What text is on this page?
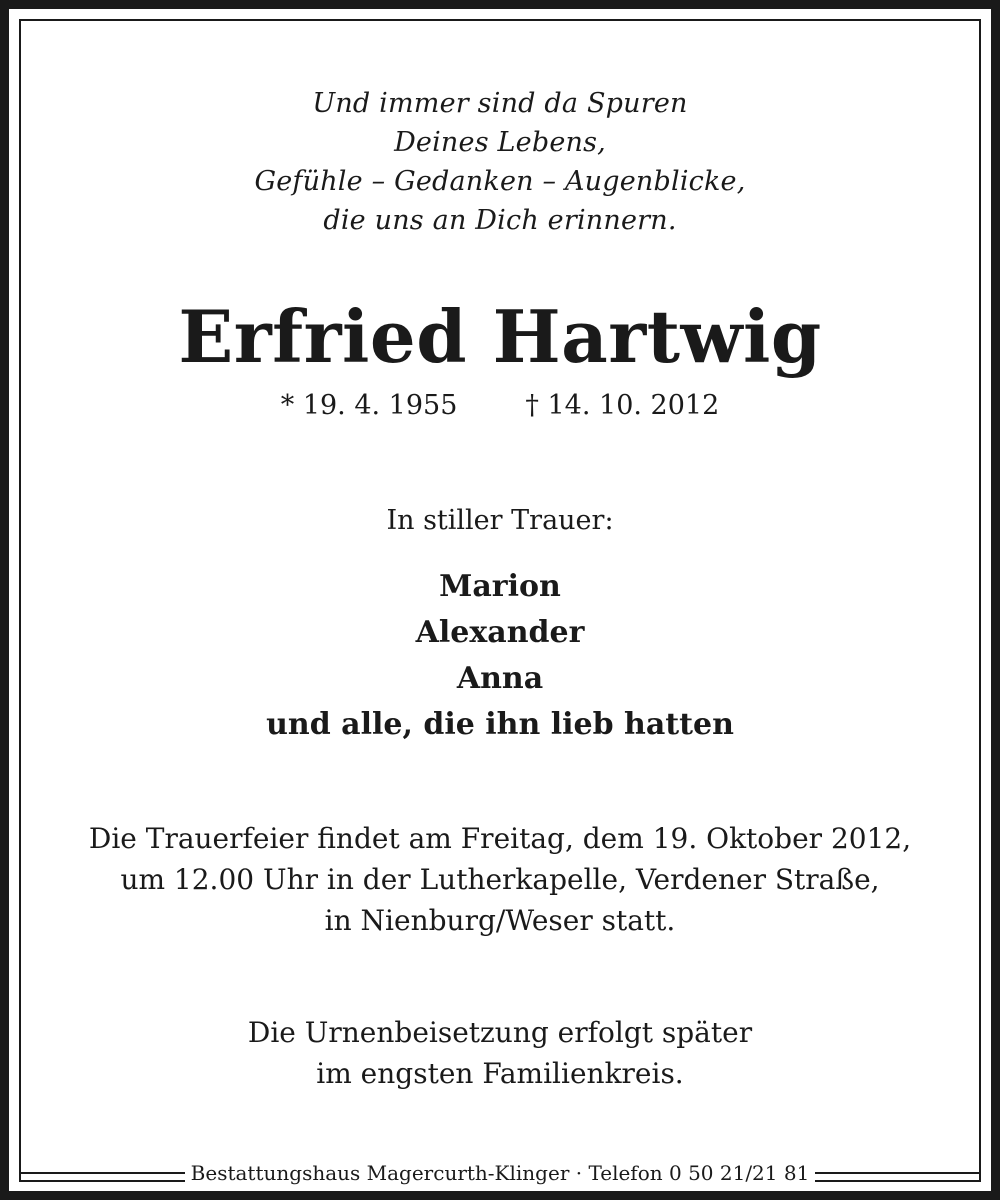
Und immer sind da Spuren
Deines Lebens,
Gefühle – Gedanken – Augenblicke,
die uns an Dich erinnern.
Erfried Hartwig
* 19. 4. 1955	† 14. 10. 2012
In stiller Trauer:
Marion
Alexander
Anna
und alle, die ihn lieb hatten
Die Trauerfeier findet am Freitag, dem 19. Oktober 2012,
um 12.00 Uhr in der Lutherkapelle, Verdener Straße,
in Nienburg/Weser statt.
Die Urnenbeisetzung erfolgt später
im engsten Familienkreis.
Bestattungshaus Magercurth-Klinger · Telefon 0 50 21/21 81
